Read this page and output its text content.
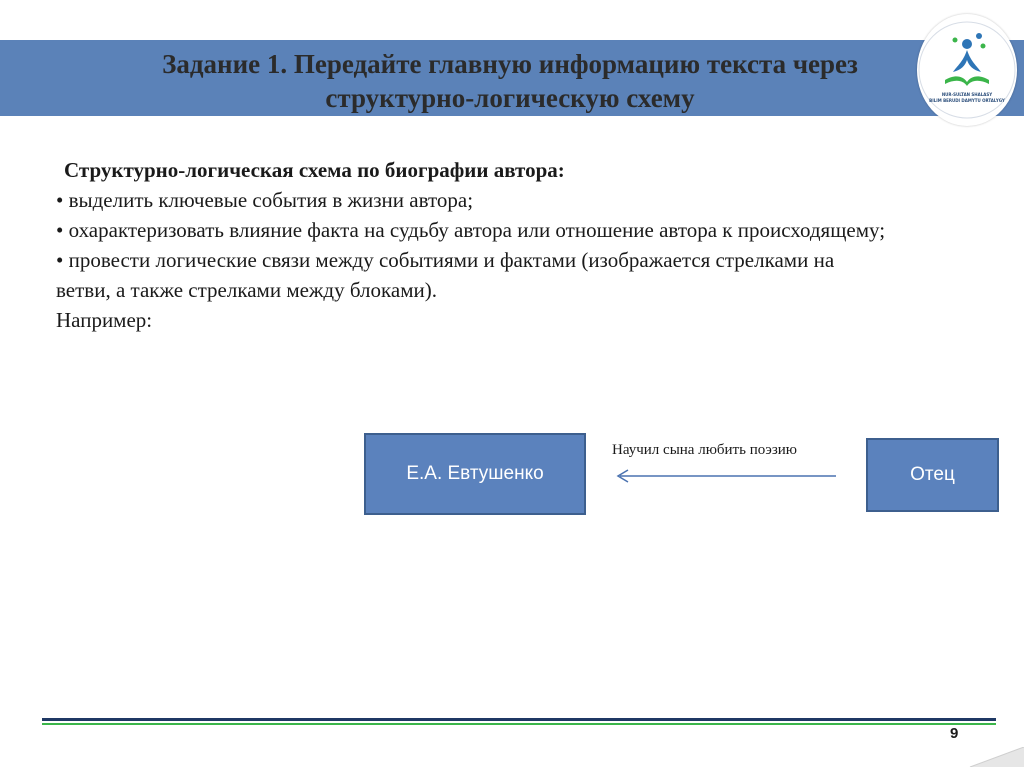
Задание 1. Передайте главную информацию текста через структурно-логическую схему	NUR-SULTAN SHALASY
BILIM BERUDI DAMYTU ORTALYGY
Структурно-логическая схема по биографии автора:
• выделить ключевые события в жизни автора;
• охарактеризовать влияние факта на судьбу автора или отношение автора к происходящему;
• провести логические связи между событиями и фактами (изображается стрелками на ветви, а также стрелками между блоками).
Например:
Е.А. Евтушенко	Отец
Научил сына любить поэзию
9
